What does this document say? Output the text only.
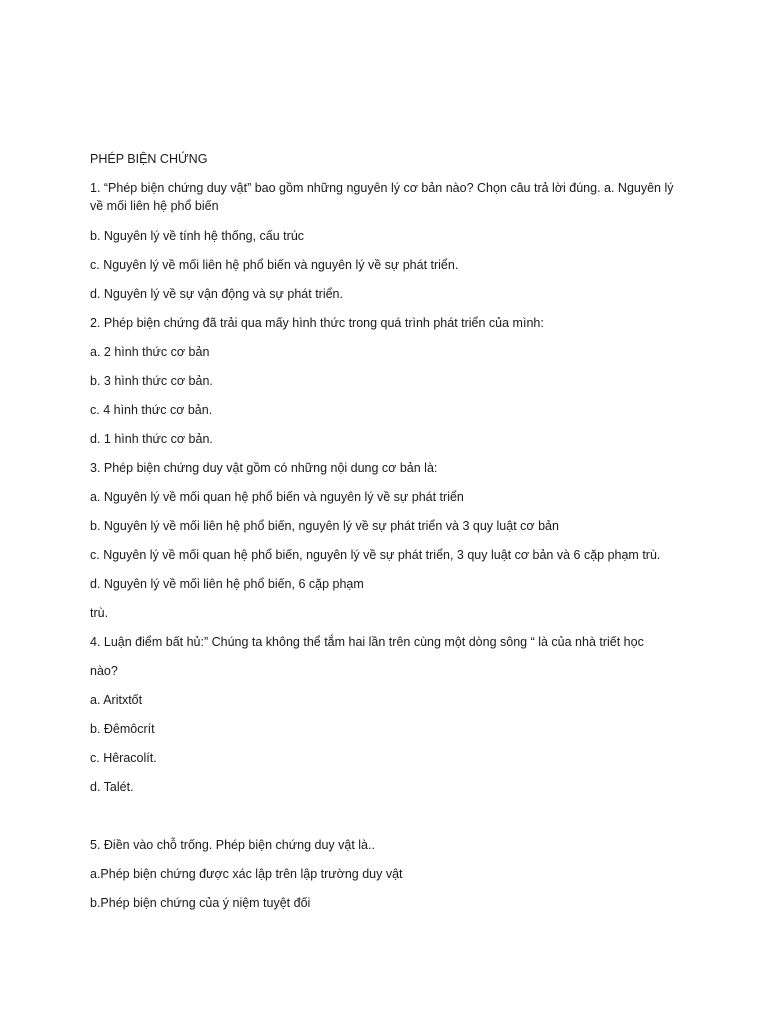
PHÉP BIỆN CHỨNG
1. “Phép biện chứng duy vật” bao gồm những nguyên lý cơ bản nào? Chọn câu trả lời đúng. a. Nguyên lý về mối liên hệ phổ biến
b. Nguyên lý về tính hệ thống, cấu trúc
c. Nguyên lý về mối liên hệ phổ biến và nguyên lý về sự phát triển.
d. Nguyên lý về sự vận động và sự phát triển.
2. Phép biện chứng đã trải qua mấy hình thức trong quá trình phát triển của mình:
a. 2 hình thức cơ bản
b. 3 hình thức cơ bản.
c. 4 hình thức cơ bản.
d. 1 hình thức cơ bản.
3. Phép biện chứng duy vật gồm có những nội dung cơ bản là:
a. Nguyên lý về mối quan hệ phổ biến và nguyên lý về sự phát triển
b. Nguyên lý về mối liên hệ phổ biến, nguyên lý về sự phát triển và 3 quy luật cơ bản
c. Nguyên lý về mối quan hệ phổ biến, nguyên lý về sự phát triển, 3 quy luật cơ bản và 6 cặp phạm trù.
d. Nguyên lý về mối liên hệ phổ biến, 6 cặp phạm
trù.
4. Luận điểm bất hủ:” Chúng ta không thể tắm hai lần trên cùng một dòng sông “ là của nhà triết học
nào?
a. Aritxtốt
b. Đêmôcrít
c. Hêracolít.
d. Talét.
5. Điền vào chỗ trống. Phép biện chứng duy vật là..
a.Phép biện chứng được xác lập trên lập trường duy vật
b.Phép biện chứng của ý niệm tuyệt đối
